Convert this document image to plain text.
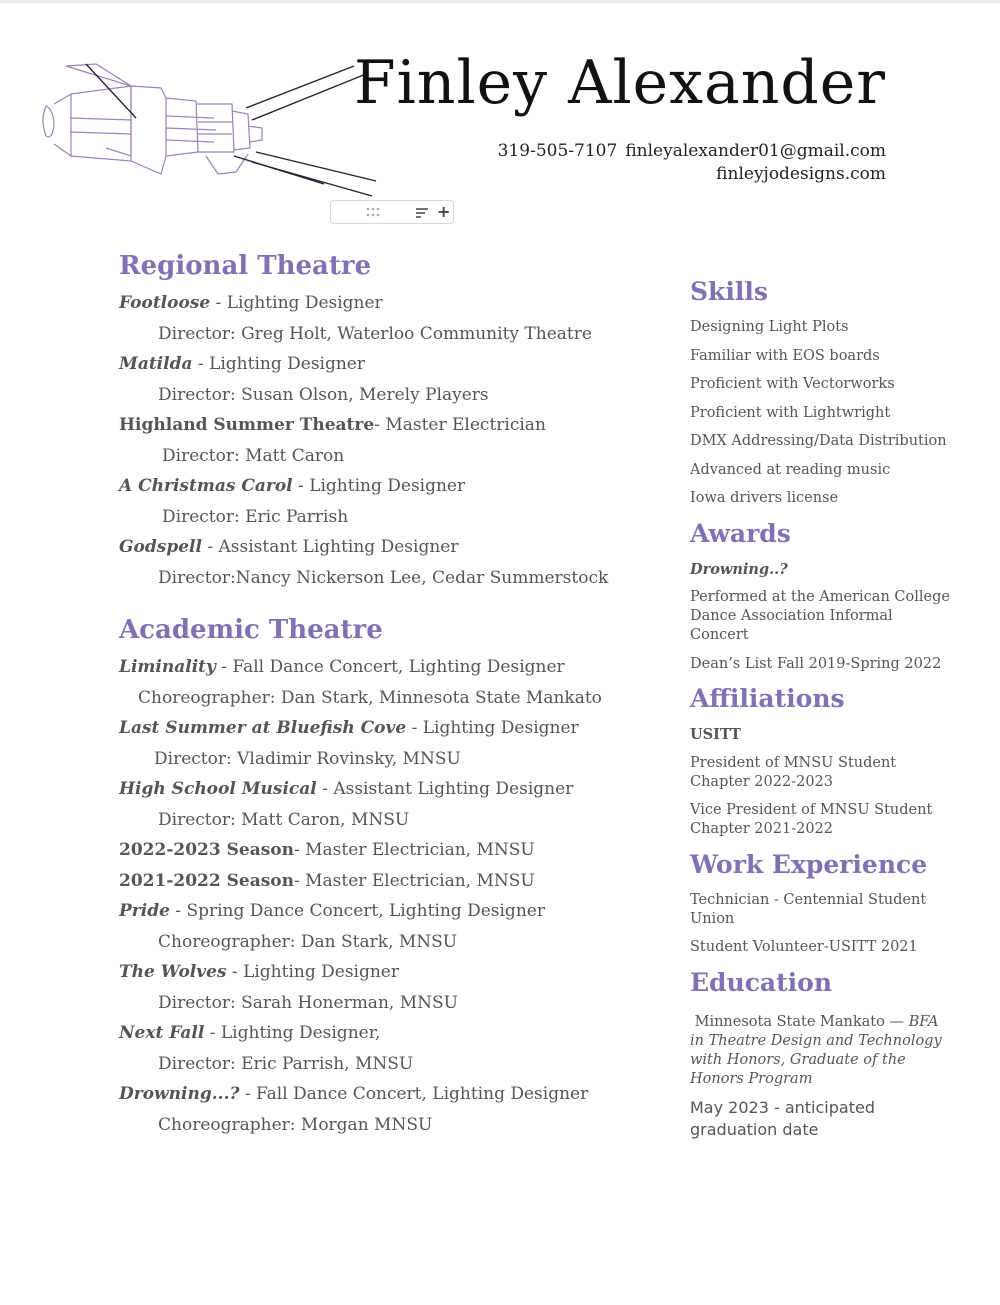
+
Finley Alexander
319-505-7107 finleyalexander01@gmail.com
finleyjodesigns.com
Regional Theatre
Footloose - Lighting Designer
Director: Greg Holt, Waterloo Community Theatre
Matilda - Lighting Designer
Director: Susan Olson, Merely Players
Highland Summer Theatre- Master Electrician
Director: Matt Caron
A Christmas Carol - Lighting Designer
Director: Eric Parrish
Godspell - Assistant Lighting Designer
Director:Nancy Nickerson Lee, Cedar Summerstock
Academic Theatre
Liminality - Fall Dance Concert, Lighting Designer
Choreographer: Dan Stark, Minnesota State Mankato
Last Summer at Bluefish Cove - Lighting Designer
Director: Vladimir Rovinsky, MNSU
High School Musical - Assistant Lighting Designer
Director: Matt Caron, MNSU
2022-2023 Season- Master Electrician, MNSU
2021-2022 Season- Master Electrician, MNSU
Pride - Spring Dance Concert, Lighting Designer
Choreographer: Dan Stark, MNSU
The Wolves - Lighting Designer
Director: Sarah Honerman, MNSU
Next Fall - Lighting Designer,
Director: Eric Parrish, MNSU
Drowning...? - Fall Dance Concert, Lighting Designer
Choreographer: Morgan MNSU
Skills
Designing Light Plots
Familiar with EOS boards
Proficient with Vectorworks
Proficient with Lightwright
DMX Addressing/Data Distribution
Advanced at reading music
Iowa drivers license
Awards
Drowning..?
Performed at the American College Dance Association Informal Concert
Dean’s List Fall 2019-Spring 2022
Affiliations
USITT
President of MNSU Student Chapter 2022-2023
Vice President of MNSU Student Chapter 2021-2022
Work Experience
Technician - Centennial Student Union
Student Volunteer-USITT 2021
Education
Minnesota State Mankato — BFA in Theatre Design and Technology with Honors, Graduate of the Honors Program
May 2023 - anticipated graduation date
